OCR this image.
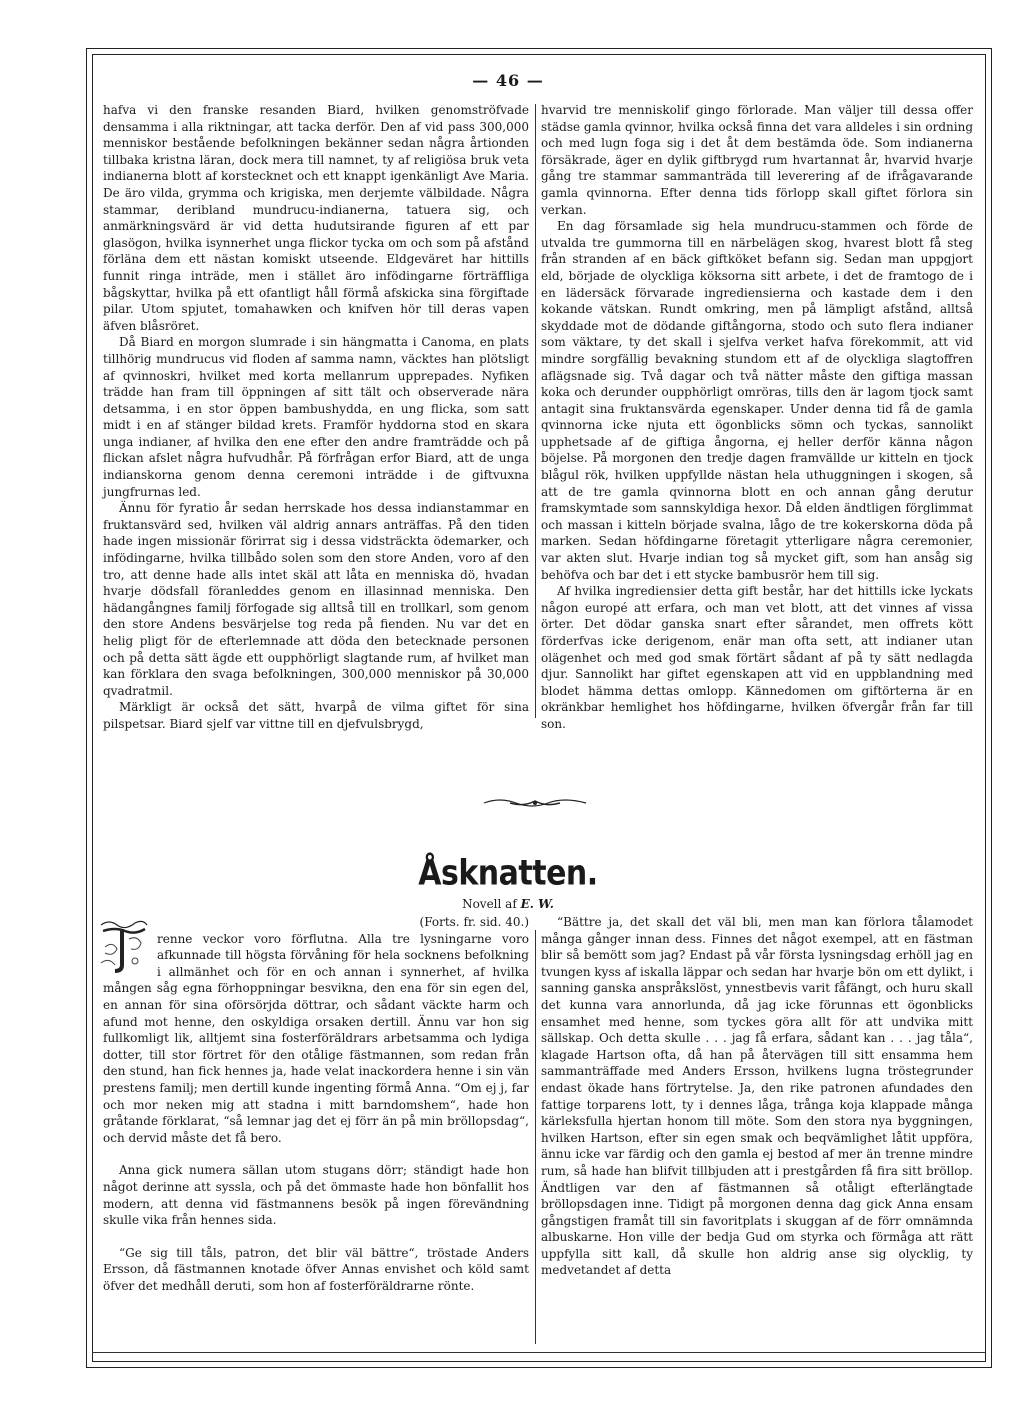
— 46 —

hafva vi den franske resanden Biard, hvilken genomströfvade densamma i alla riktningar, att tacka derför. Den af vid pass 300,000 menniskor bestående befolkningen bekänner sedan några årtionden tillbaka kristna läran, dock mera till namnet, ty af religiösa bruk veta indianerna blott af korstecknet och ett knappt igenkänligt Ave Maria. De äro vilda, grymma och krigiska, men derjemte välbildade. Några stammar, deribland mundrucu-indianerna, tatuera sig, och anmärkningsvärd är vid detta hudutsirande figuren af ett par glasögon, hvilka isynnerhet unga flickor tycka om och som på afstånd förläna dem ett nästan komiskt utseende. Eldgeväret har hittills funnit ringa inträde, men i stället äro infödingarne förträffliga bågskyttar, hvilka på ett ofantligt håll förmå afskicka sina förgiftade pilar. Utom spjutet, tomahawken och knifven hör till deras vapen äfven blåsröret.

Då Biard en morgon slumrade i sin hängmatta i Canoma, en plats tillhörig mundrucus vid floden af samma namn, väcktes han plötsligt af qvinnoskri, hvilket med korta mellanrum upprepades. Nyfiken trädde han fram till öppningen af sitt tält och observerade nära detsamma, i en stor öppen bambushydda, en ung flicka, som satt midt i en af stänger bildad krets. Framför hyddorna stod en skara unga indianer, af hvilka den ene efter den andre framträdde och på flickan afslet några hufvudhår. På förfrågan erfor Biard, att de unga indianskorna genom denna ceremoni inträdde i de giftvuxna jungfrurnas led.

Ännu för fyratio år sedan herrskade hos dessa indianstammar en fruktansvärd sed, hvilken väl aldrig annars anträffas. På den tiden hade ingen missionär förirrat sig i dessa vidsträckta ödemarker, och infödingarne, hvilka tillbådo solen som den store Anden, voro af den tro, att denne hade alls intet skäl att låta en menniska dö, hvadan hvarje dödsfall föranleddes genom en illasinnad menniska. Den hädangångnes familj förfogade sig alltså till en trollkarl, som genom den store Andens besvärjelse tog reda på fienden. Nu var det en helig pligt för de efterlemnade att döda den betecknade personen och på detta sätt ägde ett oupphörligt slagtande rum, af hvilket man kan förklara den svaga befolkningen, 300,000 menniskor på 30,000 qvadratmil.

Märkligt är också det sätt, hvarpå de vilma giftet för sina pilspetsar. Biard sjelf var vittne till en djefvulsbrygd,

hvarvid tre menniskolif gingo förlorade. Man väljer till dessa offer städse gamla qvinnor, hvilka också finna det vara alldeles i sin ordning och med lugn foga sig i det åt dem bestämda öde. Som indianerna försäkrade, äger en dylik giftbrygd rum hvartannat år, hvarvid hvarje gång tre stammar sammanträda till leverering af de ifrågavarande gamla qvinnorna. Efter denna tids förlopp skall giftet förlora sin verkan.

En dag församlade sig hela mundrucu-stammen och förde de utvalda tre gummorna till en närbelägen skog, hvarest blott få steg från stranden af en bäck giftköket befann sig. Sedan man uppgjort eld, började de olyckliga köksorna sitt arbete, i det de framtogo de i en lädersäck förvarade ingrediensierna och kastade dem i den kokande vätskan. Rundt omkring, men på lämpligt afstånd, alltså skyddade mot de dödande giftångorna, stodo och suto flera indianer som väktare, ty det skall i sjelfva verket hafva förekommit, att vid mindre sorgfällig bevakning stundom ett af de olyckliga slagtoffren aflägsnade sig. Två dagar och två nätter måste den giftiga massan koka och derunder oupphörligt omröras, tills den är lagom tjock samt antagit sina fruktansvärda egenskaper. Under denna tid få de gamla qvinnorna icke njuta ett ögonblicks sömn och tyckas, sannolikt upphetsade af de giftiga ångorna, ej heller derför känna någon böjelse. På morgonen den tredje dagen framvällde ur kitteln en tjock blågul rök, hvilken uppfyllde nästan hela uthuggningen i skogen, så att de tre gamla qvinnorna blott en och annan gång derutur framskymtade som sannskyldiga hexor. Då elden ändtligen förglimmat och massan i kitteln började svalna, lågo de tre kokerskorna döda på marken. Sedan höfdingarne företagit ytterligare några ceremonier, var akten slut. Hvarje indian tog så mycket gift, som han ansåg sig behöfva och bar det i ett stycke bambusrör hem till sig.

Af hvilka ingrediensier detta gift består, har det hittills icke lyckats någon europé att erfara, och man vet blott, att det vinnes af vissa örter. Det dödar ganska snart efter sårandet, men offrets kött förderfvas icke derigenom, enär man ofta sett, att indianer utan olägenhet och med god smak förtärt sådant af på ty sätt nedlagda djur. Sannolikt har giftet egenskapen att vid en uppblandning med blodet hämma dettas omlopp. Kännedomen om giftörterna är en okränkbar hemlighet hos höfdingarne, hvilken öfvergår från far till son.

Åsknatten.
Novell af E. W.

(Forts. fr. sid. 40.)

renne veckor voro förflutna. Alla tre lysningarne voro afkunnade till högsta förvåning för hela socknens befolkning i allmänhet och för en och annan i synnerhet, af hvilka mången såg egna förhoppningar besvikna, den ena för sin egen del, en annan för sina oförsörjda döttrar, och sådant väckte harm och afund mot henne, den oskyldiga orsaken dertill. Ännu var hon sig fullkomligt lik, alltjemt sina fosterföräldrars arbetsamma och lydiga dotter, till stor förtret för den otålige fästmannen, som redan från den stund, han fick hennes ja, hade velat inackordera henne i sin vän prestens familj; men dertill kunde ingenting förmå Anna. “Om ej j, far och mor neken mig att stadna i mitt barndomshem“, hade hon gråtande förklarat, “så lemnar jag det ej förr än på min bröllopsdag“, och dervid måste det få bero.

Anna gick numera sällan utom stugans dörr; ständigt hade hon något derinne att syssla, och på det ömmaste hade hon bönfallit hos modern, att denna vid fästmannens besök på ingen förevändning skulle vika från hennes sida.

“Ge sig till tåls, patron, det blir väl bättre“, tröstade Anders Ersson, då fästmannen knotade öfver Annas envishet och köld samt öfver det medhåll deruti, som hon af fosterföräldrarne rönte.

“Bättre ja, det skall det väl bli, men man kan förlora tålamodet många gånger innan dess. Finnes det något exempel, att en fästman blir så bemött som jag? Endast på vår första lysningsdag erhöll jag en tvungen kyss af iskalla läppar och sedan har hvarje bön om ett dylikt, i sanning ganska anspråkslöst, ynnestbevis varit fåfängt, och huru skall det kunna vara annorlunda, då jag icke förunnas ett ögonblicks ensamhet med henne, som tyckes göra allt för att undvika mitt sällskap. Och detta skulle . . . jag få erfara, sådant kan . . . jag tåla“, klagade Hartson ofta, då han på återvägen till sitt ensamma hem sammanträffade med Anders Ersson, hvilkens lugna tröstegrunder endast ökade hans förtrytelse. Ja, den rike patronen afundades den fattige torparens lott, ty i dennes låga, trånga koja klappade många kärleksfulla hjertan honom till möte. Som den stora nya byggningen, hvilken Hartson, efter sin egen smak och beqvämlighet låtit uppföra, ännu icke var färdig och den gamla ej bestod af mer än trenne mindre rum, så hade han blifvit tillbjuden att i prestgården få fira sitt bröllop. Ändtligen var den af fästmannen så otåligt efterlängtade bröllopsdagen inne. Tidigt på morgonen denna dag gick Anna ensam gångstigen framåt till sin favoritplats i skuggan af de förr omnämnda albuskarne. Hon ville der bedja Gud om styrka och förmåga att rätt uppfylla sitt kall, då skulle hon aldrig anse sig olycklig, ty medvetandet af detta
